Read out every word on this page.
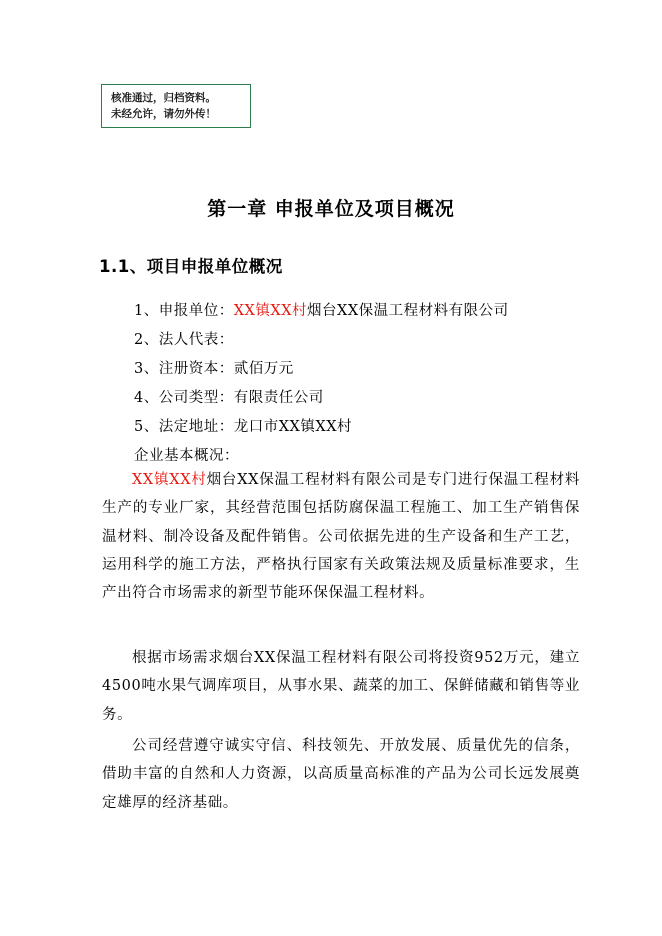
核准通过，归档资料。
未经允许，请勿外传！
第一章 申报单位及项目概况
1.1、项目申报单位概况
1、申报单位：XX镇XX村烟台XX保温工程材料有限公司
2、法人代表：
3、注册资本：贰佰万元
4、公司类型：有限责任公司
5、法定地址：龙口市XX镇XX村
企业基本概况：
XX镇XX村烟台XX保温工程材料有限公司是专门进行保温工程材料生产的专业厂家，其经营范围包括防腐保温工程施工、加工生产销售保温材料、制冷设备及配件销售。公司依据先进的生产设备和生产工艺，运用科学的施工方法，严格执行国家有关政策法规及质量标准要求，生产出符合市场需求的新型节能环保保温工程材料。
根据市场需求烟台XX保温工程材料有限公司将投资952万元，建立4500吨水果气调库项目，从事水果、蔬菜的加工、保鲜储藏和销售等业务。
公司经营遵守诚实守信、科技领先、开放发展、质量优先的信条，借助丰富的自然和人力资源，以高质量高标准的产品为公司长远发展奠定雄厚的经济基础。
